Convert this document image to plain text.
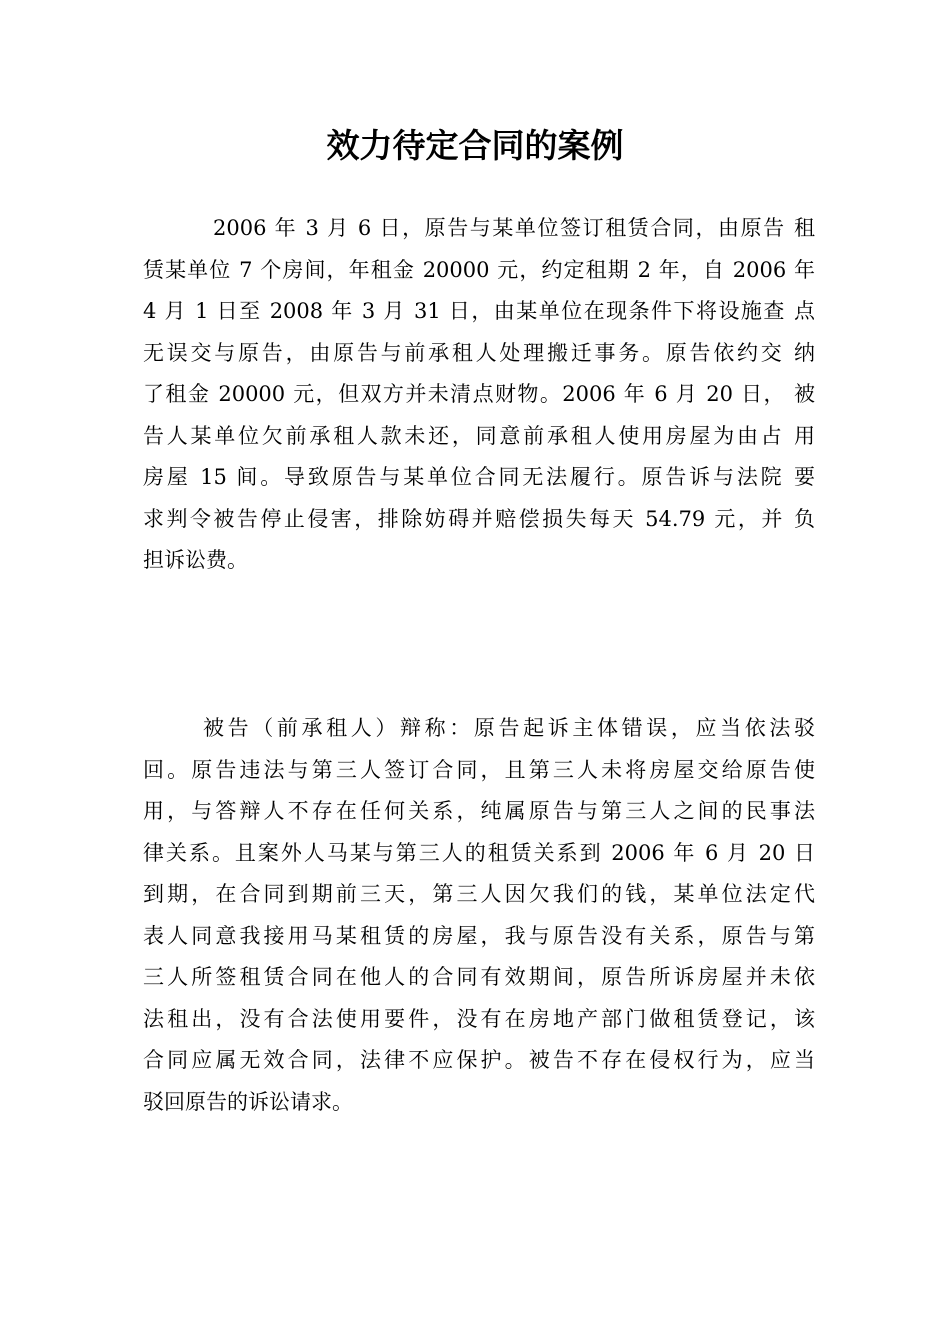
效力待定合同的案例
2006 年 3 月 6 日，原告与某单位签订租赁合同，由原告 租
赁某单位 7 个房间，年租金 20000 元，约定租期 2 年，自 2006 年
4 月 1 日至 2008 年 3 月 31 日，由某单位在现条件下将设施查 点
无误交与原告，由原告与前承租人处理搬迁事务。原告依约交 纳
了租金 20000 元，但双方并未清点财物。2006 年 6 月 20 日， 被
告人某单位欠前承租人款未还，同意前承租人使用房屋为由占 用
房屋 15 间。导致原告与某单位合同无法履行。原告诉与法院 要
求判令被告停止侵害，排除妨碍并赔偿损失每天 54.79 元，并 负
担诉讼费。
被告（前承租人）辩称：原告起诉主体错误，应当依法驳
回。原告违法与第三人签订合同，且第三人未将房屋交给原告使
用，与答辩人不存在任何关系，纯属原告与第三人之间的民事法
律关系。且案外人马某与第三人的租赁关系到 2006 年 6 月 20 日
到期，在合同到期前三天，第三人因欠我们的钱，某单位法定代
表人同意我接用马某租赁的房屋，我与原告没有关系，原告与第
三人所签租赁合同在他人的合同有效期间，原告所诉房屋并未依
法租出，没有合法使用要件，没有在房地产部门做租赁登记，该
合同应属无效合同，法律不应保护。被告不存在侵权行为，应当
驳回原告的诉讼请求。
